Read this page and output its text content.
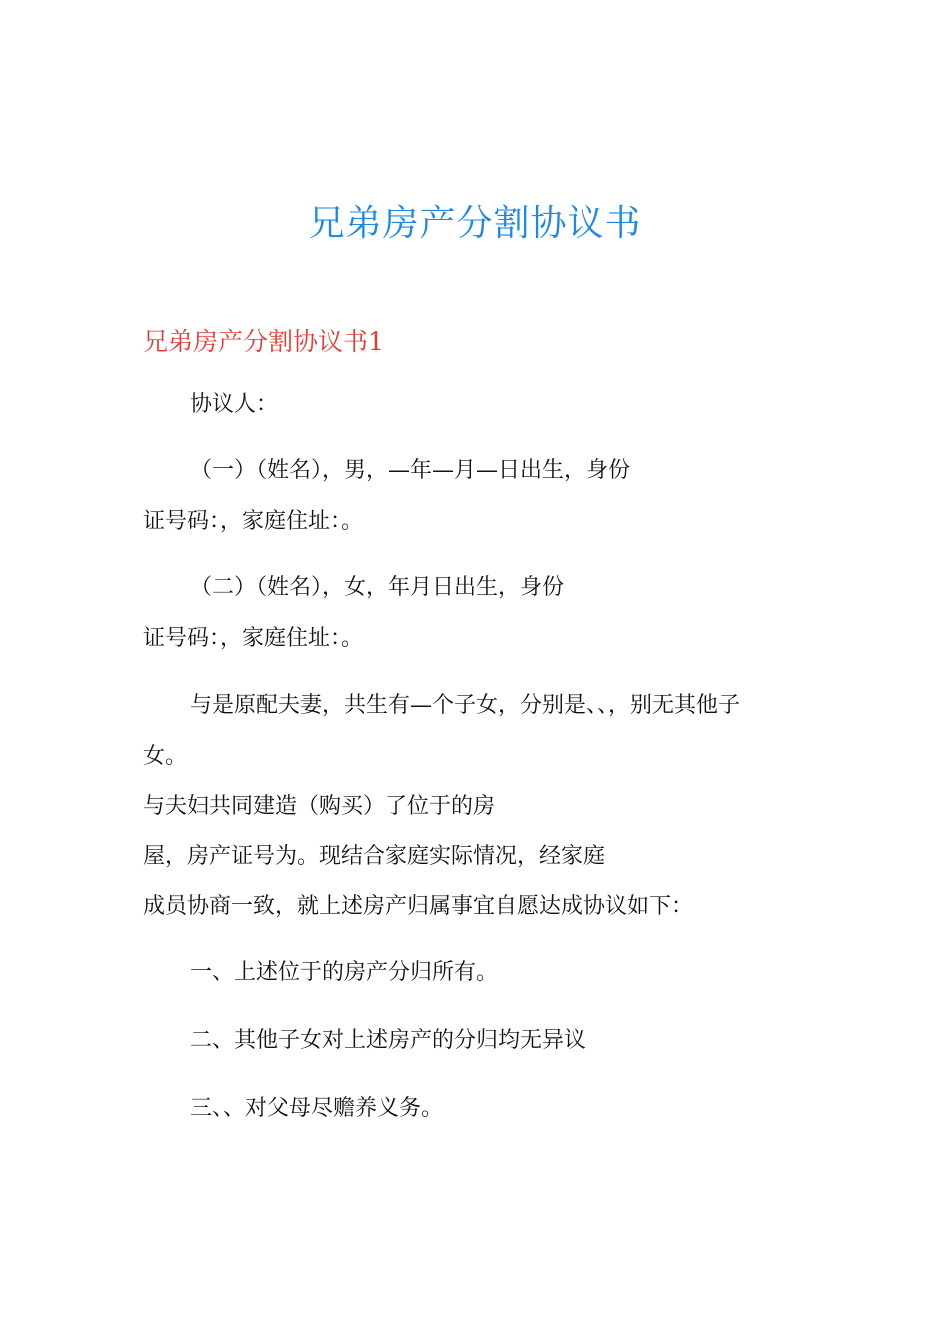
兄弟房产分割协议书
兄弟房产分割协议书1

协议人：

（一）（姓名），男，—年—月—日出生，身份

证号码：，家庭住址：。

（二）（姓名），女，年月日出生，身份

证号码：，家庭住址：。

与是原配夫妻，共生有—个子女，分别是、、，别无其他子

女。

与夫妇共同建造（购买）了位于的房

屋，房产证号为。现结合家庭实际情况，经家庭

成员协商一致，就上述房产归属事宜自愿达成协议如下：

一、上述位于的房产分归所有。

二、其他子女对上述房产的分归均无异议

三、、对父母尽赡养义务。
